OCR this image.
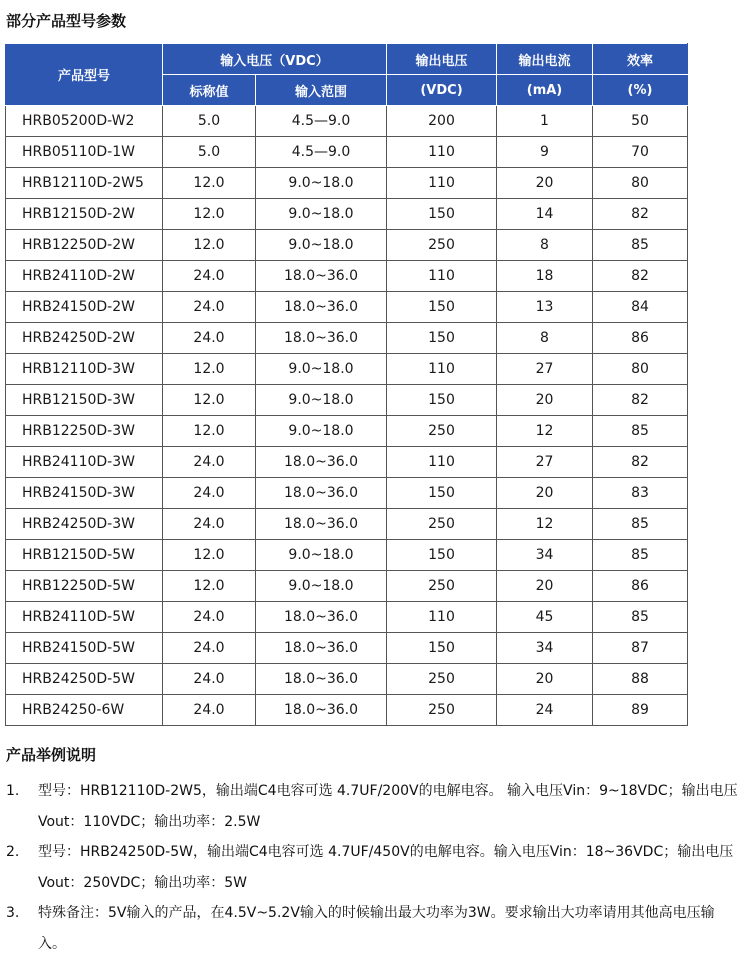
部分产品型号参数
产品型号	输入电压（VDC）		输出电压	输出电流	效率
	标称值	输入范围	(VDC)	(mA)	(%)
HRB05200D-W2	5.0	4.5—9.0	200	1	50
HRB05110D-1W	5.0	4.5—9.0	110	9	70
HRB12110D-2W5	12.0	9.0~18.0	110	20	80
HRB12150D-2W	12.0	9.0~18.0	150	14	82
HRB12250D-2W	12.0	9.0~18.0	250	8	85
HRB24110D-2W	24.0	18.0~36.0	110	18	82
HRB24150D-2W	24.0	18.0~36.0	150	13	84
HRB24250D-2W	24.0	18.0~36.0	150	8	86
HRB12110D-3W	12.0	9.0~18.0	110	27	80
HRB12150D-3W	12.0	9.0~18.0	150	20	82
HRB12250D-3W	12.0	9.0~18.0	250	12	85
HRB24110D-3W	24.0	18.0~36.0	110	27	82
HRB24150D-3W	24.0	18.0~36.0	150	20	83
HRB24250D-3W	24.0	18.0~36.0	250	12	85
HRB12150D-5W	12.0	9.0~18.0	150	34	85
HRB12250D-5W	12.0	9.0~18.0	250	20	86
HRB24110D-5W	24.0	18.0~36.0	110	45	85
HRB24150D-5W	24.0	18.0~36.0	150	34	87
HRB24250D-5W	24.0	18.0~36.0	250	20	88
HRB24250-6W	24.0	18.0~36.0	250	24	89
产品举例说明
1.	型号：HRB12110D-2W5，输出端C4电容可选 4.7UF/200V的电解电容。 输入电压Vin：9~18VDC；输出电压Vout：110VDC；输出功率：2.5W
2.	型号：HRB24250D-5W，输出端C4电容可选 4.7UF/450V的电解电容。输入电压Vin：18~36VDC；输出电压Vout：250VDC；输出功率：5W
3.	特殊备注：5V输入的产品，在4.5V~5.2V输入的时候输出最大功率为3W。要求输出大功率请用其他高电压输入。
